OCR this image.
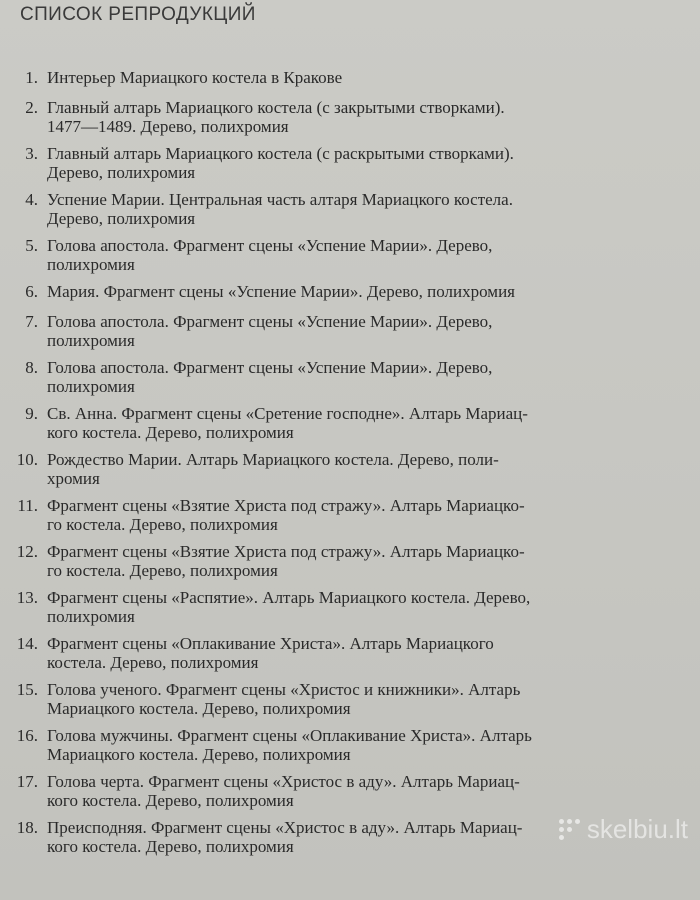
СПИСОК РЕПРОДУКЦИЙ
1. Интерьер Мариацкого костела в Кракове
2. Главный алтарь Мариацкого костела (с закрытыми створками).
1477—1489. Дерево, полихромия
3. Главный алтарь Мариацкого костела (с раскрытыми створками).
Дерево, полихромия
4. Успение Марии. Центральная часть алтаря Мариацкого костела.
Дерево, полихромия
5. Голова апостола. Фрагмент сцены «Успение Марии». Дерево,
полихромия
6. Мария. Фрагмент сцены «Успение Марии». Дерево, полихромия
7. Голова апостола. Фрагмент сцены «Успение Марии». Дерево,
полихромия
8. Голова апостола. Фрагмент сцены «Успение Марии». Дерево,
полихромия
9. Св. Анна. Фрагмент сцены «Сретение господне». Алтарь Мариац-
кого костела. Дерево, полихромия
10. Рождество Марии. Алтарь Мариацкого костела. Дерево, поли-
хромия
11. Фрагмент сцены «Взятие Христа под стражу». Алтарь Мариацко-
го костела. Дерево, полихромия
12. Фрагмент сцены «Взятие Христа под стражу». Алтарь Мариацко-
го костела. Дерево, полихромия
13. Фрагмент сцены «Распятие». Алтарь Мариацкого костела. Дерево,
полихромия
14. Фрагмент сцены «Оплакивание Христа». Алтарь Мариацкого
костела. Дерево, полихромия
15. Голова ученого. Фрагмент сцены «Христос и книжники». Алтарь
Мариацкого костела. Дерево, полихромия
16. Голова мужчины. Фрагмент сцены «Оплакивание Христа». Алтарь
Мариацкого костела. Дерево, полихромия
17. Голова черта. Фрагмент сцены «Христос в аду». Алтарь Мариац-
кого костела. Дерево, полихромия
18. Преисподняя. Фрагмент сцены «Христос в аду». Алтарь Мариац-
кого костела. Дерево, полихромия
skelbiu.lt
